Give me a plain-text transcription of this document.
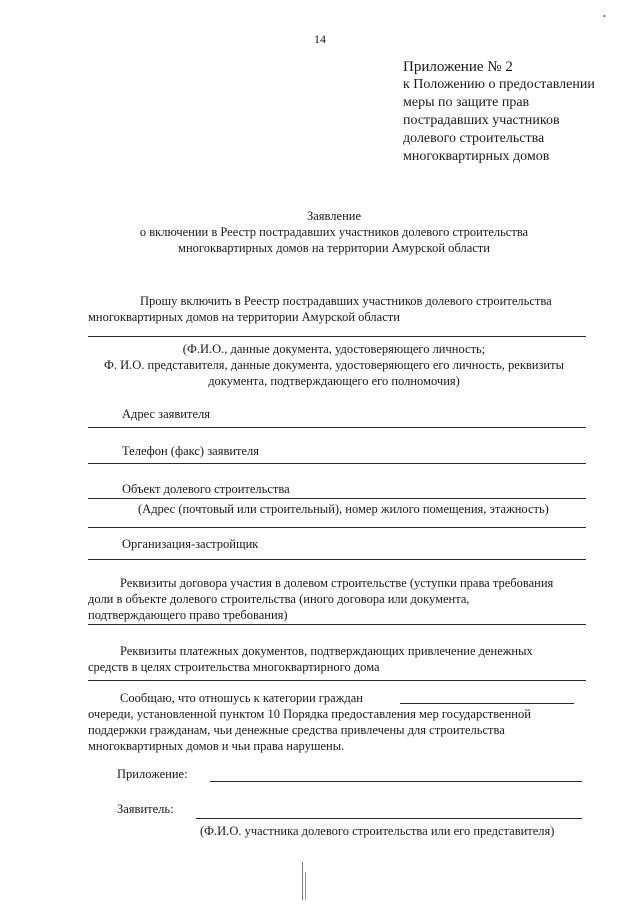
•
14
Приложение № 2
к Положению о предоставлении
меры по защите прав
пострадавших участников
долевого строительства
многоквартирных домов
Заявление
о включении в Реестр пострадавших участников долевого строительства
многоквартирных домов на территории Амурской области
Прошу включить в Реестр пострадавших участников долевого строительства
многоквартирных домов на территории Амурской области
(Ф.И.О., данные документа, удостоверяющего личность;
Ф. И.О. представителя, данные документа, удостоверяющего его личность, реквизиты
документа, подтверждающего его полномочия)
Адрес заявителя
Телефон (факс) заявителя
Объект долевого строительства
(Адрес (почтовый или строительный), номер жилого помещения, этажность)
Организация-застройщик
Реквизиты договора участия в долевом строительстве (уступки права требования
доли в объекте долевого строительства (иного договора или документа,
подтверждающего право требования)
Реквизиты платежных документов, подтверждающих привлечение денежных
средств в целях строительства многоквартирного дома
Сообщаю, что отношусь к категории граждан
очереди, установленной пунктом 10 Порядка предоставления мер государственной
поддержки гражданам, чьи денежные средства привлечены для строительства
многоквартирных домов и чьи права нарушены.
Приложение:
Заявитель:
(Ф.И.О. участника долевого строительства или его представителя)
